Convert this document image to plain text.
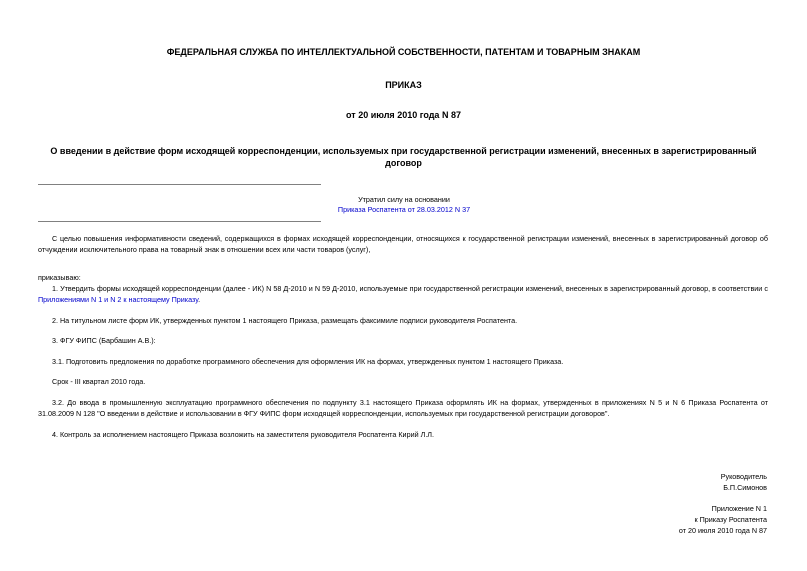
ФЕДЕРАЛЬНАЯ СЛУЖБА ПО ИНТЕЛЛЕКТУАЛЬНОЙ СОБСТВЕННОСТИ, ПАТЕНТАМ И ТОВАРНЫМ ЗНАКАМ
ПРИКАЗ
от 20 июля 2010 года N 87
О введении в действие форм исходящей корреспонденции, используемых при государственной регистрации изменений, внесенных в зарегистрированный
договор
Утратил силу на основании
Приказа Роспатента от 28.03.2012 N 37
С целью повышения информативности сведений, содержащихся в формах исходящей корреспонденции, относящихся к государственной регистрации изменений, внесенных в зарегистрированный договор об отчуждении исключительного права на товарный знак в отношении всех или части товаров (услуг),
приказываю:
1. Утвердить формы исходящей корреспонденции (далее - ИК) N 58 Д-2010 и N 59 Д-2010, используемые при государственной регистрации изменений, внесенных в зарегистрированный договор, в соответствии с Приложениями N 1 и N 2 к настоящему Приказу.
2. На титульном листе форм ИК, утвержденных пунктом 1 настоящего Приказа, размещать факсимиле подписи руководителя Роспатента.
3. ФГУ ФИПС (Барбашин А.В.):
3.1. Подготовить предложения по доработке программного обеспечения для оформления ИК на формах, утвержденных пунктом 1 настоящего Приказа.
Срок - III квартал 2010 года.
3.2. До ввода в промышленную эксплуатацию программного обеспечения по подпункту 3.1 настоящего Приказа оформлять ИК на формах, утвержденных в приложениях N 5 и N 6 Приказа Роспатента от 31.08.2009 N 128 "О введении в действие и использовании в ФГУ ФИПС форм исходящей корреспонденции, используемых при государственной регистрации договоров".
4. Контроль за исполнением настоящего Приказа возложить на заместителя руководителя Роспатента Кирий Л.Л.
Руководитель
Б.П.Симонов
Приложение N 1
к Приказу Роспатента
от 20 июля 2010 года N 87
